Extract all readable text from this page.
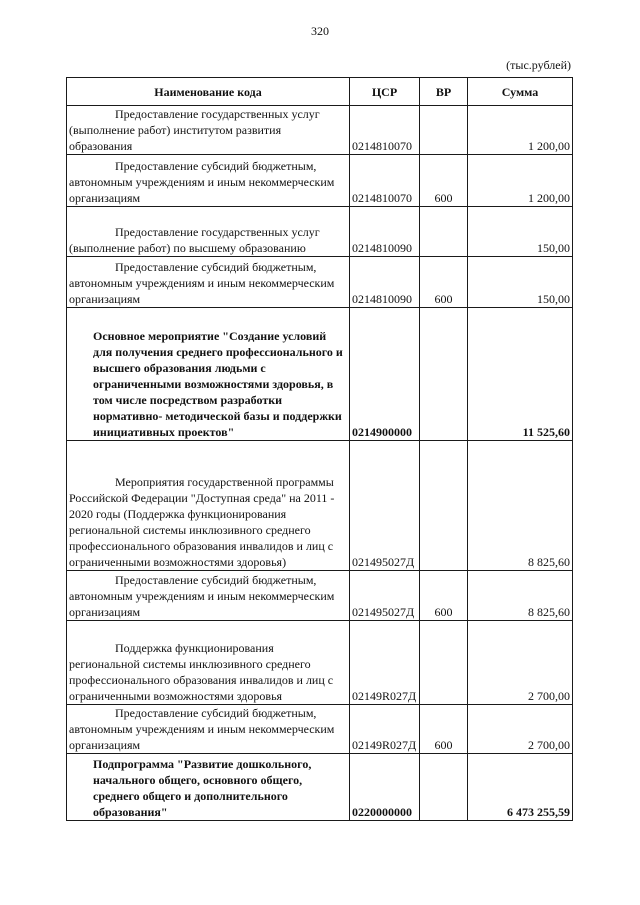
320
(тыс.рублей)
Наименование кода	ЦСР	ВР	Сумма
Предоставление государственных услуг (выполнение работ) институтом развития образования	0214810070		1 200,00
Предоставление субсидий бюджетным, автономным учреждениям и иным некоммерческим организациям	0214810070	600	1 200,00
Предоставление государственных услуг (выполнение работ) по высшему образованию	0214810090		150,00
Предоставление субсидий бюджетным, автономным учреждениям и иным некоммерческим организациям	0214810090	600	150,00
Основное мероприятие "Создание условий для получения среднего профессионального и высшего образования людьми с ограниченными возможностями здоровья, в том числе посредством разработки нормативно- методической базы и поддержки инициативных проектов"	0214900000		11 525,60
Мероприятия государственной программы Российской Федерации "Доступная среда" на 2011 - 2020 годы (Поддержка функционирования региональной системы инклюзивного среднего профессионального образования инвалидов и лиц с ограниченными возможностями здоровья)	021495027Д		8 825,60
Предоставление субсидий бюджетным, автономным учреждениям и иным некоммерческим организациям	021495027Д	600	8 825,60
Поддержка функционирования региональной системы инклюзивного среднего профессионального образования инвалидов и лиц с ограниченными возможностями здоровья	02149R027Д		2 700,00
Предоставление субсидий бюджетным, автономным учреждениям и иным некоммерческим организациям	02149R027Д	600	2 700,00
Подпрограмма "Развитие дошкольного, начального общего, основного общего, среднего общего и дополнительного образования"	0220000000		6 473 255,59
